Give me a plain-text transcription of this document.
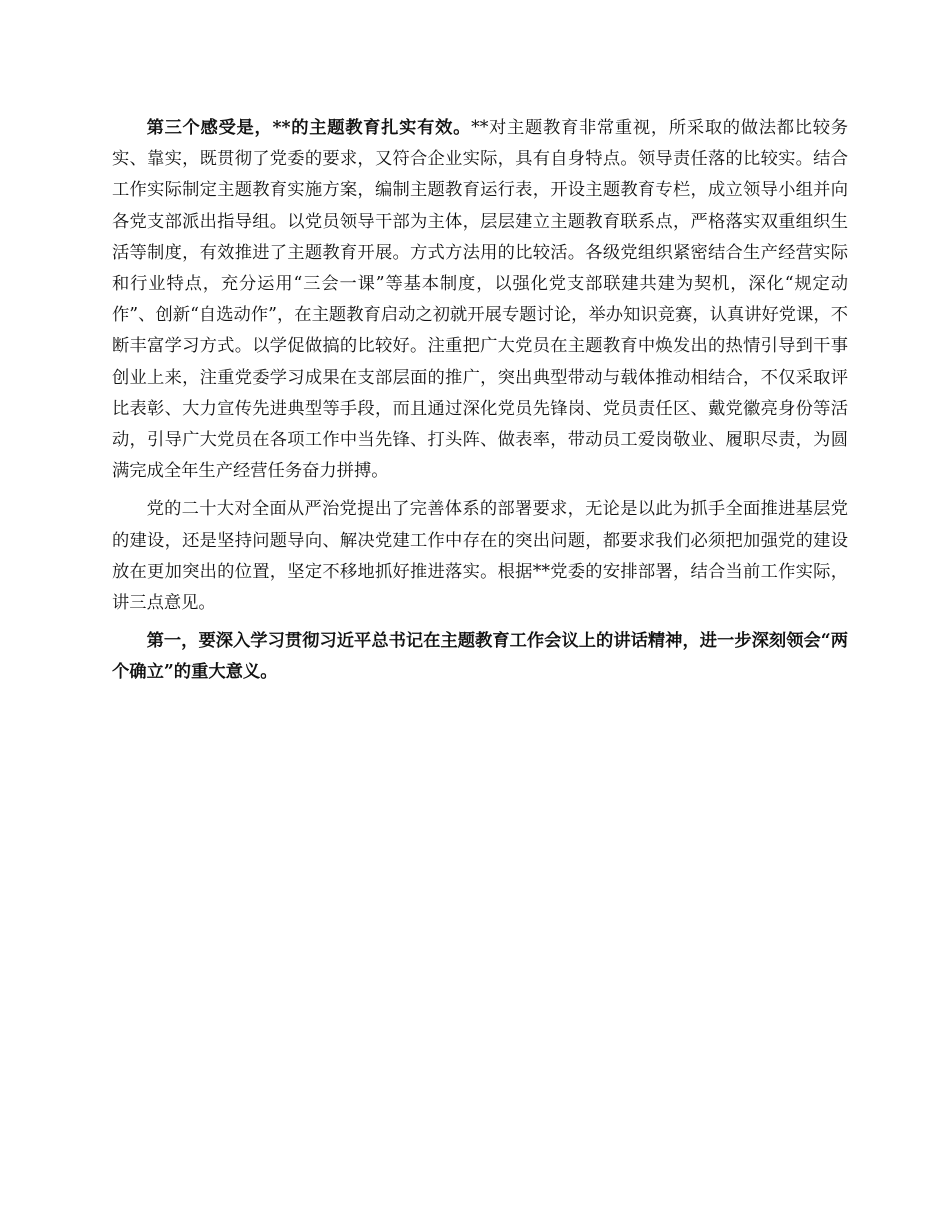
第三个感受是，**的主题教育扎实有效。**对主题教育非常重视，所采取的做法都比较务实、靠实，既贯彻了党委的要求，又符合企业实际，具有自身特点。领导责任落的比较实。结合工作实际制定主题教育实施方案，编制主题教育运行表，开设主题教育专栏，成立领导小组并向各党支部派出指导组。以党员领导干部为主体，层层建立主题教育联系点，严格落实双重组织生活等制度，有效推进了主题教育开展。方式方法用的比较活。各级党组织紧密结合生产经营实际和行业特点，充分运用“三会一课”等基本制度，以强化党支部联建共建为契机，深化“规定动作”、创新“自选动作”，在主题教育启动之初就开展专题讨论，举办知识竞赛，认真讲好党课，不断丰富学习方式。以学促做搞的比较好。注重把广大党员在主题教育中焕发出的热情引导到干事创业上来，注重党委学习成果在支部层面的推广，突出典型带动与载体推动相结合，不仅采取评比表彰、大力宣传先进典型等手段，而且通过深化党员先锋岗、党员责任区、戴党徽亮身份等活动，引导广大党员在各项工作中当先锋、打头阵、做表率，带动员工爱岗敬业、履职尽责，为圆满完成全年生产经营任务奋力拼搏。

党的二十大对全面从严治党提出了完善体系的部署要求，无论是以此为抓手全面推进基层党的建设，还是坚持问题导向、解决党建工作中存在的突出问题，都要求我们必须把加强党的建设放在更加突出的位置，坚定不移地抓好推进落实。根据**党委的安排部署，结合当前工作实际，讲三点意见。

第一，要深入学习贯彻习近平总书记在主题教育工作会议上的讲话精神，进一步深刻领会“两个确立”的重大意义。
